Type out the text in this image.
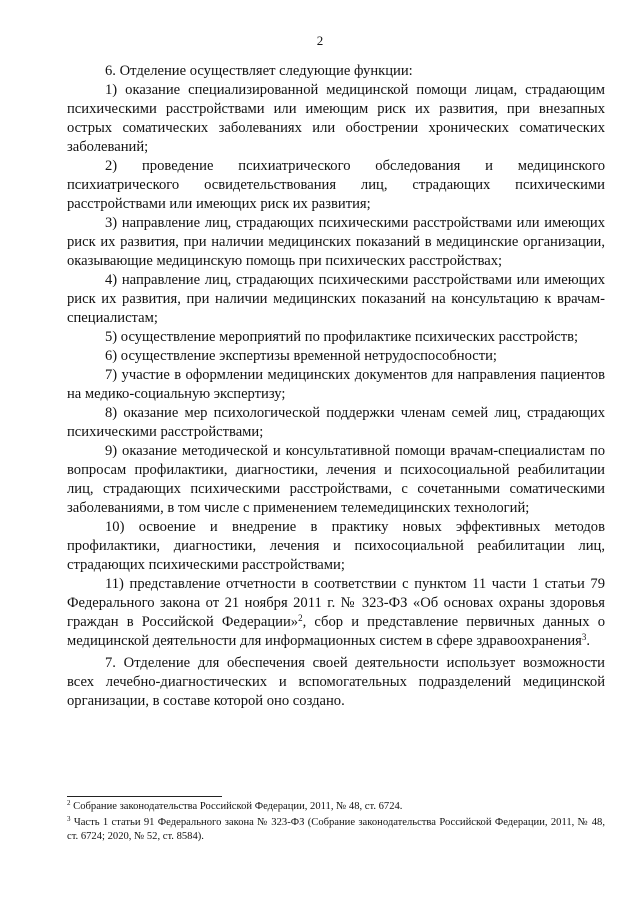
2

6. Отделение осуществляет следующие функции:

1) оказание специализированной медицинской помощи лицам, страдающим психическими расстройствами или имеющим риск их развития, при внезапных острых соматических заболеваниях или обострении хронических соматических заболеваний;

2) проведение психиатрического обследования и медицинского психиатрического освидетельствования лиц, страдающих психическими расстройствами или имеющих риск их развития;

3) направление лиц, страдающих психическими расстройствами или имеющих риск их развития, при наличии медицинских показаний в медицинские организации, оказывающие медицинскую помощь при психических расстройствах;

4) направление лиц, страдающих психическими расстройствами или имеющих риск их развития, при наличии медицинских показаний на консультацию к врачам-специалистам;

5) осуществление мероприятий по профилактике психических расстройств;

6) осуществление экспертизы временной нетрудоспособности;

7) участие в оформлении медицинских документов для направления пациентов на медико-социальную экспертизу;

8) оказание мер психологической поддержки членам семей лиц, страдающих психическими расстройствами;

9) оказание методической и консультативной помощи врачам-специалистам по вопросам профилактики, диагностики, лечения и психосоциальной реабилитации лиц, страдающих психическими расстройствами, с сочетанными соматическими заболеваниями, в том числе с применением телемедицинских технологий;

10) освоение и внедрение в практику новых эффективных методов профилактики, диагностики, лечения и психосоциальной реабилитации лиц, страдающих психическими расстройствами;

11) представление отчетности в соответствии с пунктом 11 части 1 статьи 79 Федерального закона от 21 ноября 2011 г. № 323-ФЗ «Об основах охраны здоровья граждан в Российской Федерации»$^2$, сбор и представление первичных данных о медицинской деятельности для информационных систем в сфере здравоохранения$^3$.

7. Отделение для обеспечения своей деятельности использует возможности всех лечебно-диагностических и вспомогательных подразделений медицинской организации, в составе которой оно создано.

$^2$ Собрание законодательства Российской Федерации, 2011, № 48, ст. 6724.

$^3$ Часть 1 статьи 91 Федерального закона № 323-ФЗ (Собрание законодательства Российской Федерации, 2011, № 48, ст. 6724; 2020, № 52, ст. 8584).
